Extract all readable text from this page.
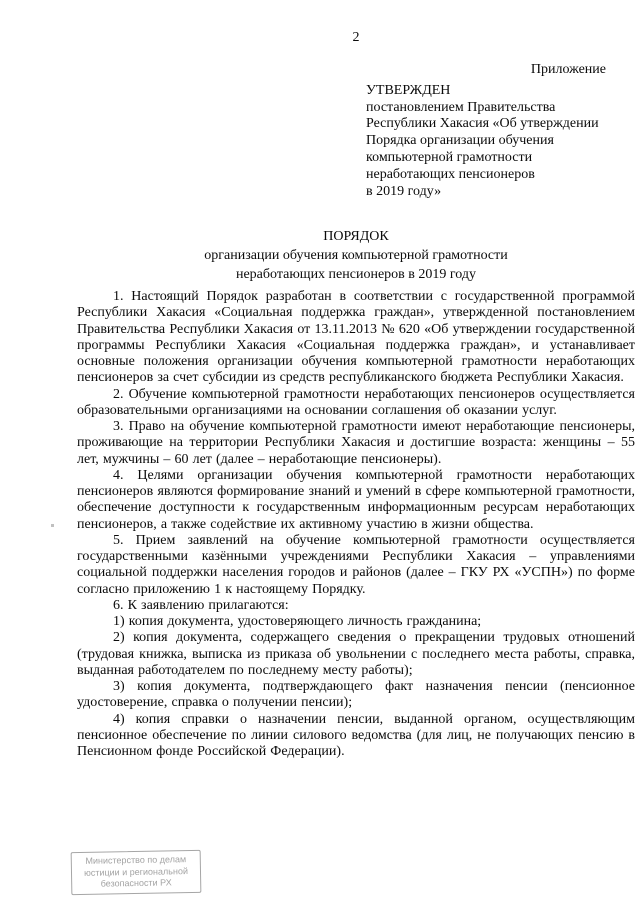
2
Приложение
УТВЕРЖДЕН
постановлением Правительства
Республики Хакасия «Об утверждении
Порядка организации обучения
компьютерной грамотности
неработающих пенсионеров
в 2019 году»
ПОРЯДОК
организации обучения компьютерной грамотности
неработающих пенсионеров в 2019 году
1. Настоящий Порядок разработан в соответствии с государственной программой Республики Хакасия «Социальная поддержка граждан», утвержденной постановлением Правительства Республики Хакасия от 13.11.2013 № 620 «Об утверждении государственной программы Республики Хакасия «Социальная поддержка граждан», и устанавливает основные положения организации обучения компьютерной грамотности неработающих пенсионеров за счет субсидии из средств республиканского бюджета Республики Хакасия.
2. Обучение компьютерной грамотности неработающих пенсионеров осуществляется образовательными организациями на основании соглашения об оказании услуг.
3. Право на обучение компьютерной грамотности имеют неработающие пенсионеры, проживающие на территории Республики Хакасия и достигшие возраста: женщины – 55 лет, мужчины – 60 лет (далее – неработающие пенсионеры).
4. Целями организации обучения компьютерной грамотности неработающих пенсионеров являются формирование знаний и умений в сфере компьютерной грамотности, обеспечение доступности к государственным информационным ресурсам неработающих пенсионеров, а также содействие их активному участию в жизни общества.
5. Прием заявлений на обучение компьютерной грамотности осуществляется государственными казёнными учреждениями Республики Хакасия – управлениями социальной поддержки населения городов и районов (далее – ГКУ РХ «УСПН») по форме согласно приложению 1 к настоящему Порядку.
6. К заявлению прилагаются:
1) копия документа, удостоверяющего личность гражданина;
2) копия документа, содержащего сведения о прекращении трудовых отношений (трудовая книжка, выписка из приказа об увольнении с последнего места работы, справка, выданная работодателем по последнему месту работы);
3) копия документа, подтверждающего факт назначения пенсии (пенсионное удостоверение, справка о получении пенсии);
4) копия справки о назначении пенсии, выданной органом, осуществляющим пенсионное обеспечение по линии силового ведомства (для лиц, не получающих пенсию в Пенсионном фонде Российской Федерации).
Министерство по делам
юстиции и региональной
безопасности РХ
